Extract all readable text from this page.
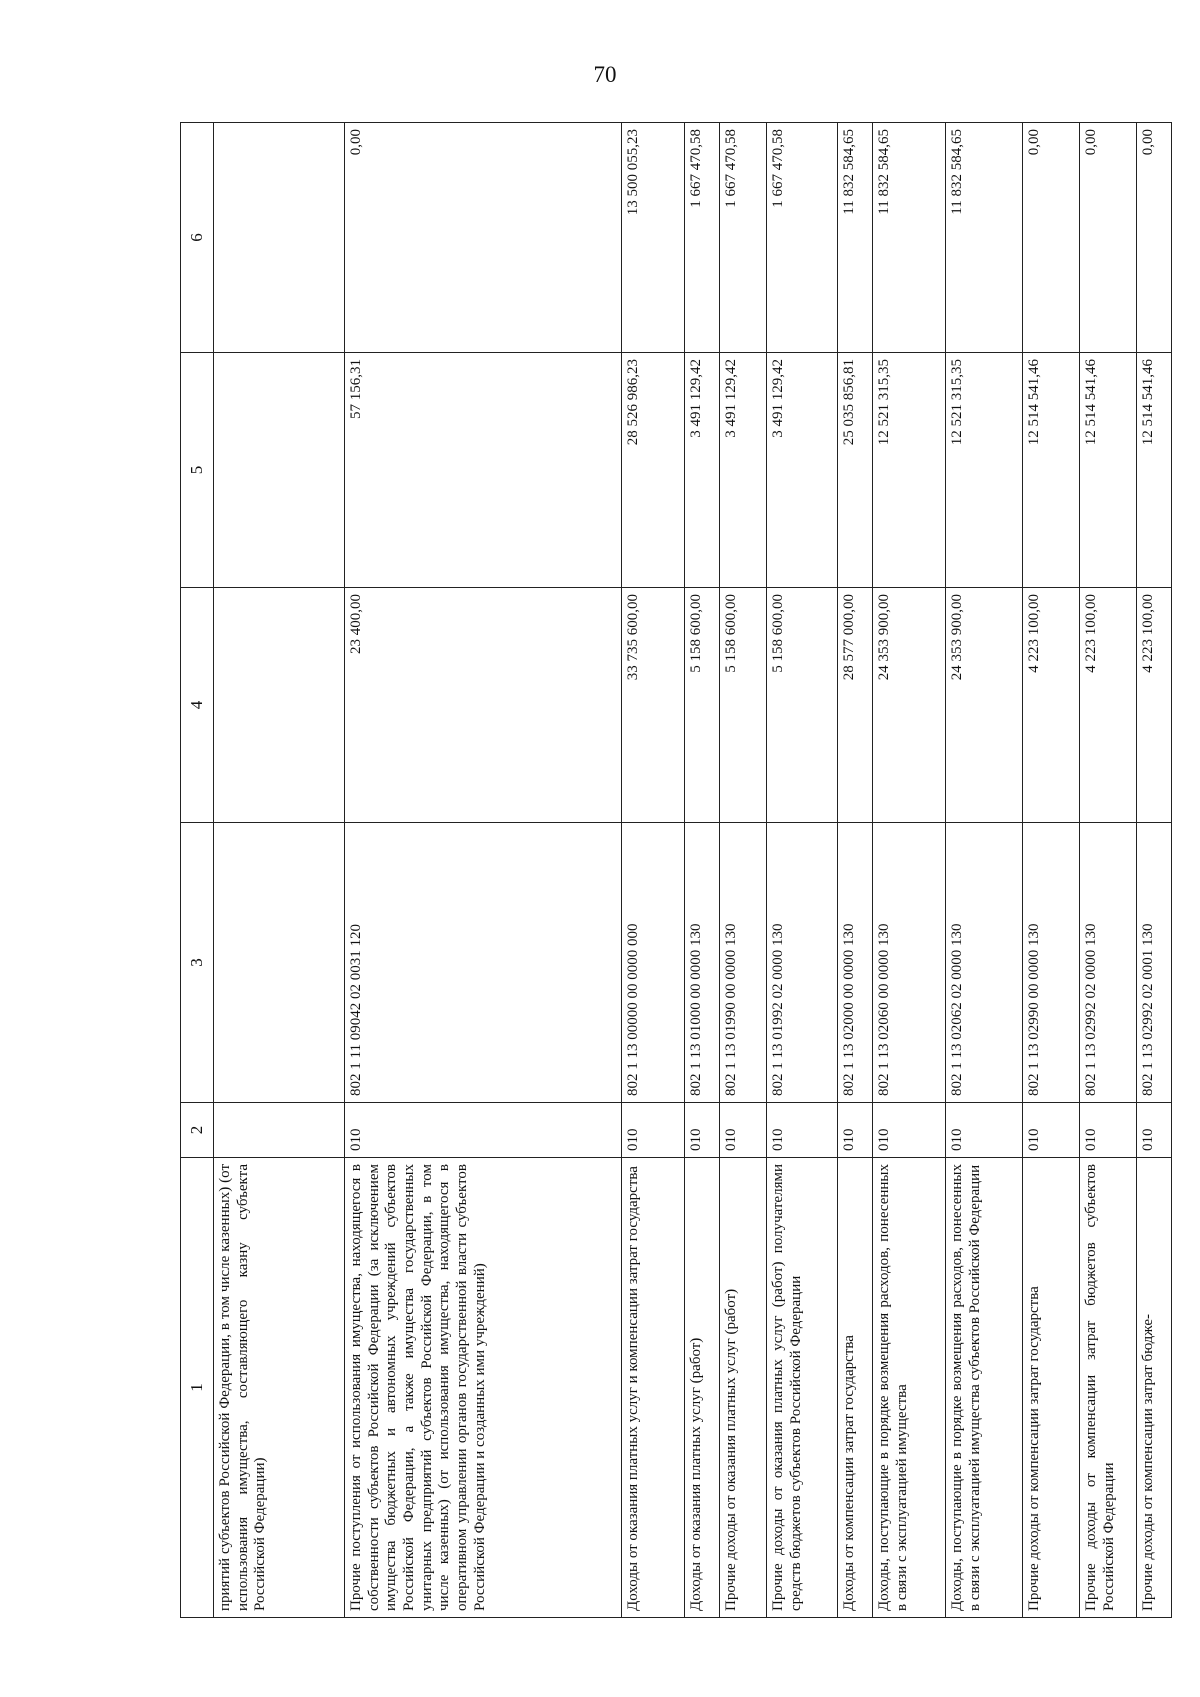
70
1	2	3	4	5	6
приятий субъектов Российской Федерации, в том числе казенных) (от использования имущества, составляющего казну субъекта Российской Федерации)					
Прочие поступления от использования имущества, находящегося в собственности субъектов Российской Федерации (за исключением имущества бюджетных и автономных учреждений субъектов Российской Федерации, а также имущества государственных унитарных предприятий субъектов Российской Федерации, в том числе казенных) (от использования имущества, находящегося в оперативном управлении органов государственной власти субъектов Российской Федерации и созданных ими учреждений)	010	802 1 11 09042 02 0031 120	23 400,00	57 156,31	0,00
Доходы от оказания платных услуг и компенсации затрат государства	010	802 1 13 00000 00 0000 000	33 735 600,00	28 526 986,23	13 500 055,23
Доходы от оказания платных услуг (работ)	010	802 1 13 01000 00 0000 130	5 158 600,00	3 491 129,42	1 667 470,58
Прочие доходы от оказания платных услуг (работ)	010	802 1 13 01990 00 0000 130	5 158 600,00	3 491 129,42	1 667 470,58
Прочие доходы от оказания платных услуг (работ) получателями средств бюджетов субъектов Российской Федерации	010	802 1 13 01992 02 0000 130	5 158 600,00	3 491 129,42	1 667 470,58
Доходы от компенсации затрат государства	010	802 1 13 02000 00 0000 130	28 577 000,00	25 035 856,81	11 832 584,65
Доходы, поступающие в порядке возмещения расходов, понесенных в связи с эксплуатацией имущества	010	802 1 13 02060 00 0000 130	24 353 900,00	12 521 315,35	11 832 584,65
Доходы, поступающие в порядке возмещения расходов, понесенных в связи с эксплуатацией имущества субъектов Российской Федерации	010	802 1 13 02062 02 0000 130	24 353 900,00	12 521 315,35	11 832 584,65
Прочие доходы от компенсации затрат государства	010	802 1 13 02990 00 0000 130	4 223 100,00	12 514 541,46	0,00
Прочие доходы от компенсации затрат бюджетов субъектов Российской Федерации	010	802 1 13 02992 02 0000 130	4 223 100,00	12 514 541,46	0,00
Прочие доходы от компенсации затрат бюдже-	010	802 1 13 02992 02 0001 130	4 223 100,00	12 514 541,46	0,00
